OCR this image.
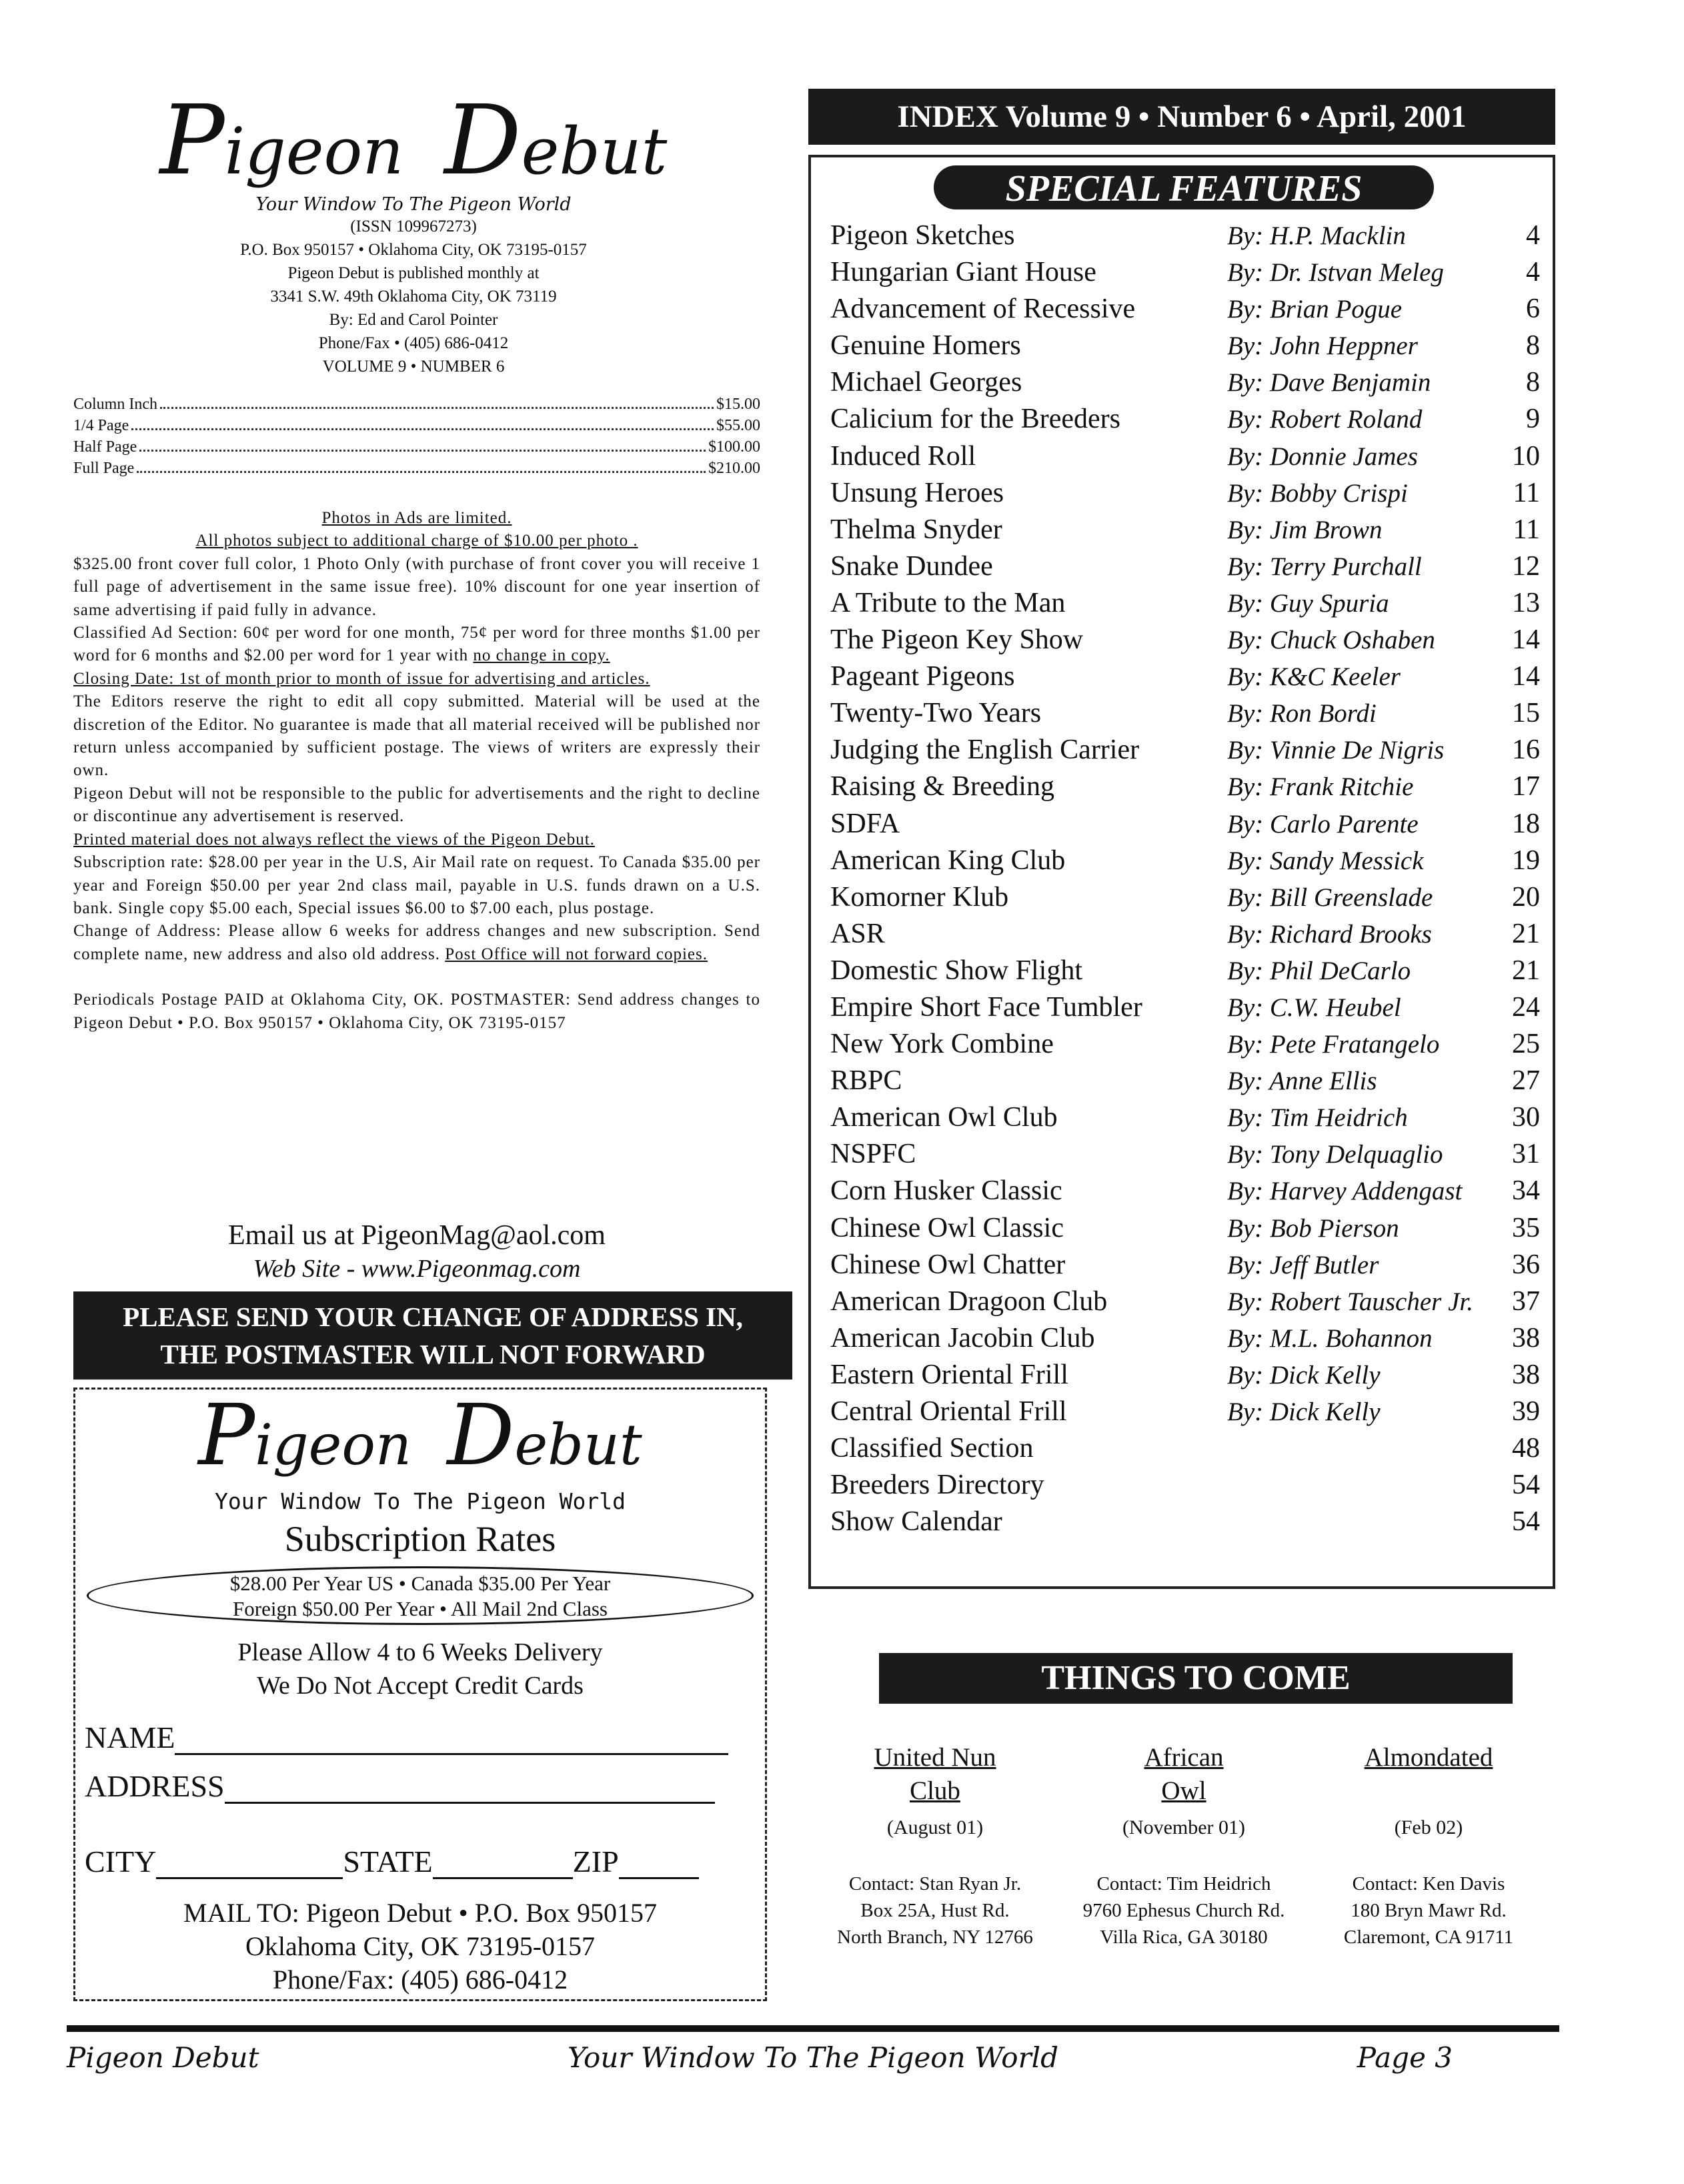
Pigeon Debut
Your Window To The Pigeon World
(ISSN 109967273)
P.O. Box 950157 • Oklahoma City, OK 73195-0157
Pigeon Debut is published monthly at
3341 S.W. 49th Oklahoma City, OK 73119
By: Ed and Carol Pointer
Phone/Fax • (405) 686-0412
VOLUME 9 • NUMBER 6
Column Inch	$15.00
1/4 Page	$55.00
Half Page	$100.00
Full Page	$210.00

Photos in Ads are limited.

All photos subject to additional charge of $10.00 per photo .

$325.00 front cover full color, 1 Photo Only (with purchase of front cover you will receive 1 full page of advertisement in the same issue free). 10% discount for one year insertion of same advertising if paid fully in advance.

Classified Ad Section: 60¢ per word for one month, 75¢ per word for three months $1.00 per word for 6 months and $2.00 per word for 1 year with no change in copy.

Closing Date: 1st of month prior to month of issue for advertising and articles.

The Editors reserve the right to edit all copy submitted. Material will be used at the discretion of the Editor. No guarantee is made that all material received will be published nor return unless accompanied by sufficient postage. The views of writers are expressly their own.

Pigeon Debut will not be responsible to the public for advertisements and the right to decline or discontinue any advertisement is reserved.

Printed material does not always reflect the views of the Pigeon Debut.

Subscription rate: $28.00 per year in the U.S, Air Mail rate on request. To Canada $35.00 per year and Foreign $50.00 per year 2nd class mail, payable in U.S. funds drawn on a U.S. bank. Single copy $5.00 each, Special issues $6.00 to $7.00 each, plus postage.

Change of Address: Please allow 6 weeks for address changes and new subscription. Send complete name, new address and also old address. Post Office will not forward copies.

Periodicals Postage PAID at Oklahoma City, OK. POSTMASTER: Send address changes to Pigeon Debut • P.O. Box 950157 • Oklahoma City, OK 73195-0157

Email us at PigeonMag@aol.com
Web Site - www.Pigeonmag.com
PLEASE SEND YOUR CHANGE OF ADDRESS IN,
THE POSTMASTER WILL NOT FORWARD
Pigeon Debut
Your Window To The Pigeon World
Subscription Rates
$28.00 Per Year US • Canada $35.00 Per Year
Foreign $50.00 Per Year • All Mail 2nd Class
Please Allow 4 to 6 Weeks Delivery
We Do Not Accept Credit Cards
NAME
ADDRESS
CITY	STATE	ZIP
MAIL TO: Pigeon Debut • P.O. Box 950157
Oklahoma City, OK 73195-0157
Phone/Fax: (405) 686-0412
INDEX Volume 9 • Number 6 • April, 2001
SPECIAL FEATURES
Pigeon Sketches	By: H.P. Macklin	4
Hungarian Giant House	By: Dr. Istvan Meleg	4
Advancement of Recessive	By: Brian Pogue	6
Genuine Homers	By: John Heppner	8
Michael Georges	By: Dave Benjamin	8
Calicium for the Breeders	By: Robert Roland	9
Induced Roll	By: Donnie James	10
Unsung Heroes	By: Bobby Crispi	11
Thelma Snyder	By: Jim Brown	11
Snake Dundee	By: Terry Purchall	12
A Tribute to the Man	By: Guy Spuria	13
The Pigeon Key Show	By: Chuck Oshaben	14
Pageant Pigeons	By: K&C Keeler	14
Twenty-Two Years	By: Ron Bordi	15
Judging the English Carrier	By: Vinnie De Nigris 16
Raising & Breeding	By: Frank Ritchie	17
SDFA	By: Carlo Parente	18
American King Club	By: Sandy Messick	19
Komorner Klub	By: Bill Greenslade	20
ASR	By: Richard Brooks	21
Domestic Show Flight	By: Phil DeCarlo	21
Empire Short Face Tumbler	By: C.W. Heubel	24
New York Combine	By: Pete Fratangelo	25
RBPC	By: Anne Ellis	27
American Owl Club	By: Tim Heidrich	30
NSPFC	By: Tony Delquaglio 31
Corn Husker Classic	By: Harvey Addengast 34
Chinese Owl Classic	By: Bob Pierson	35
Chinese Owl Chatter	By: Jeff Butler	36
American Dragoon Club	By: Robert Tauscher Jr. 37
American Jacobin Club	By: M.L. Bohannon	38
Eastern Oriental Frill	By: Dick Kelly	38
Central Oriental Frill	By: Dick Kelly	39
Classified Section	48
Breeders Directory	54
Show Calendar	54
THINGS TO COME
United Nun
Club
(August 01)
Contact: Stan Ryan Jr.
Box 25A, Hust Rd.
North Branch, NY 12766
African
Owl
(November 01)
Contact: Tim Heidrich
9760 Ephesus Church Rd.
Villa Rica, GA 30180
Almondated
(Feb 02)
Contact: Ken Davis
180 Bryn Mawr Rd.
Claremont, CA 91711
Pigeon Debut	Your Window To The Pigeon World	Page 3
